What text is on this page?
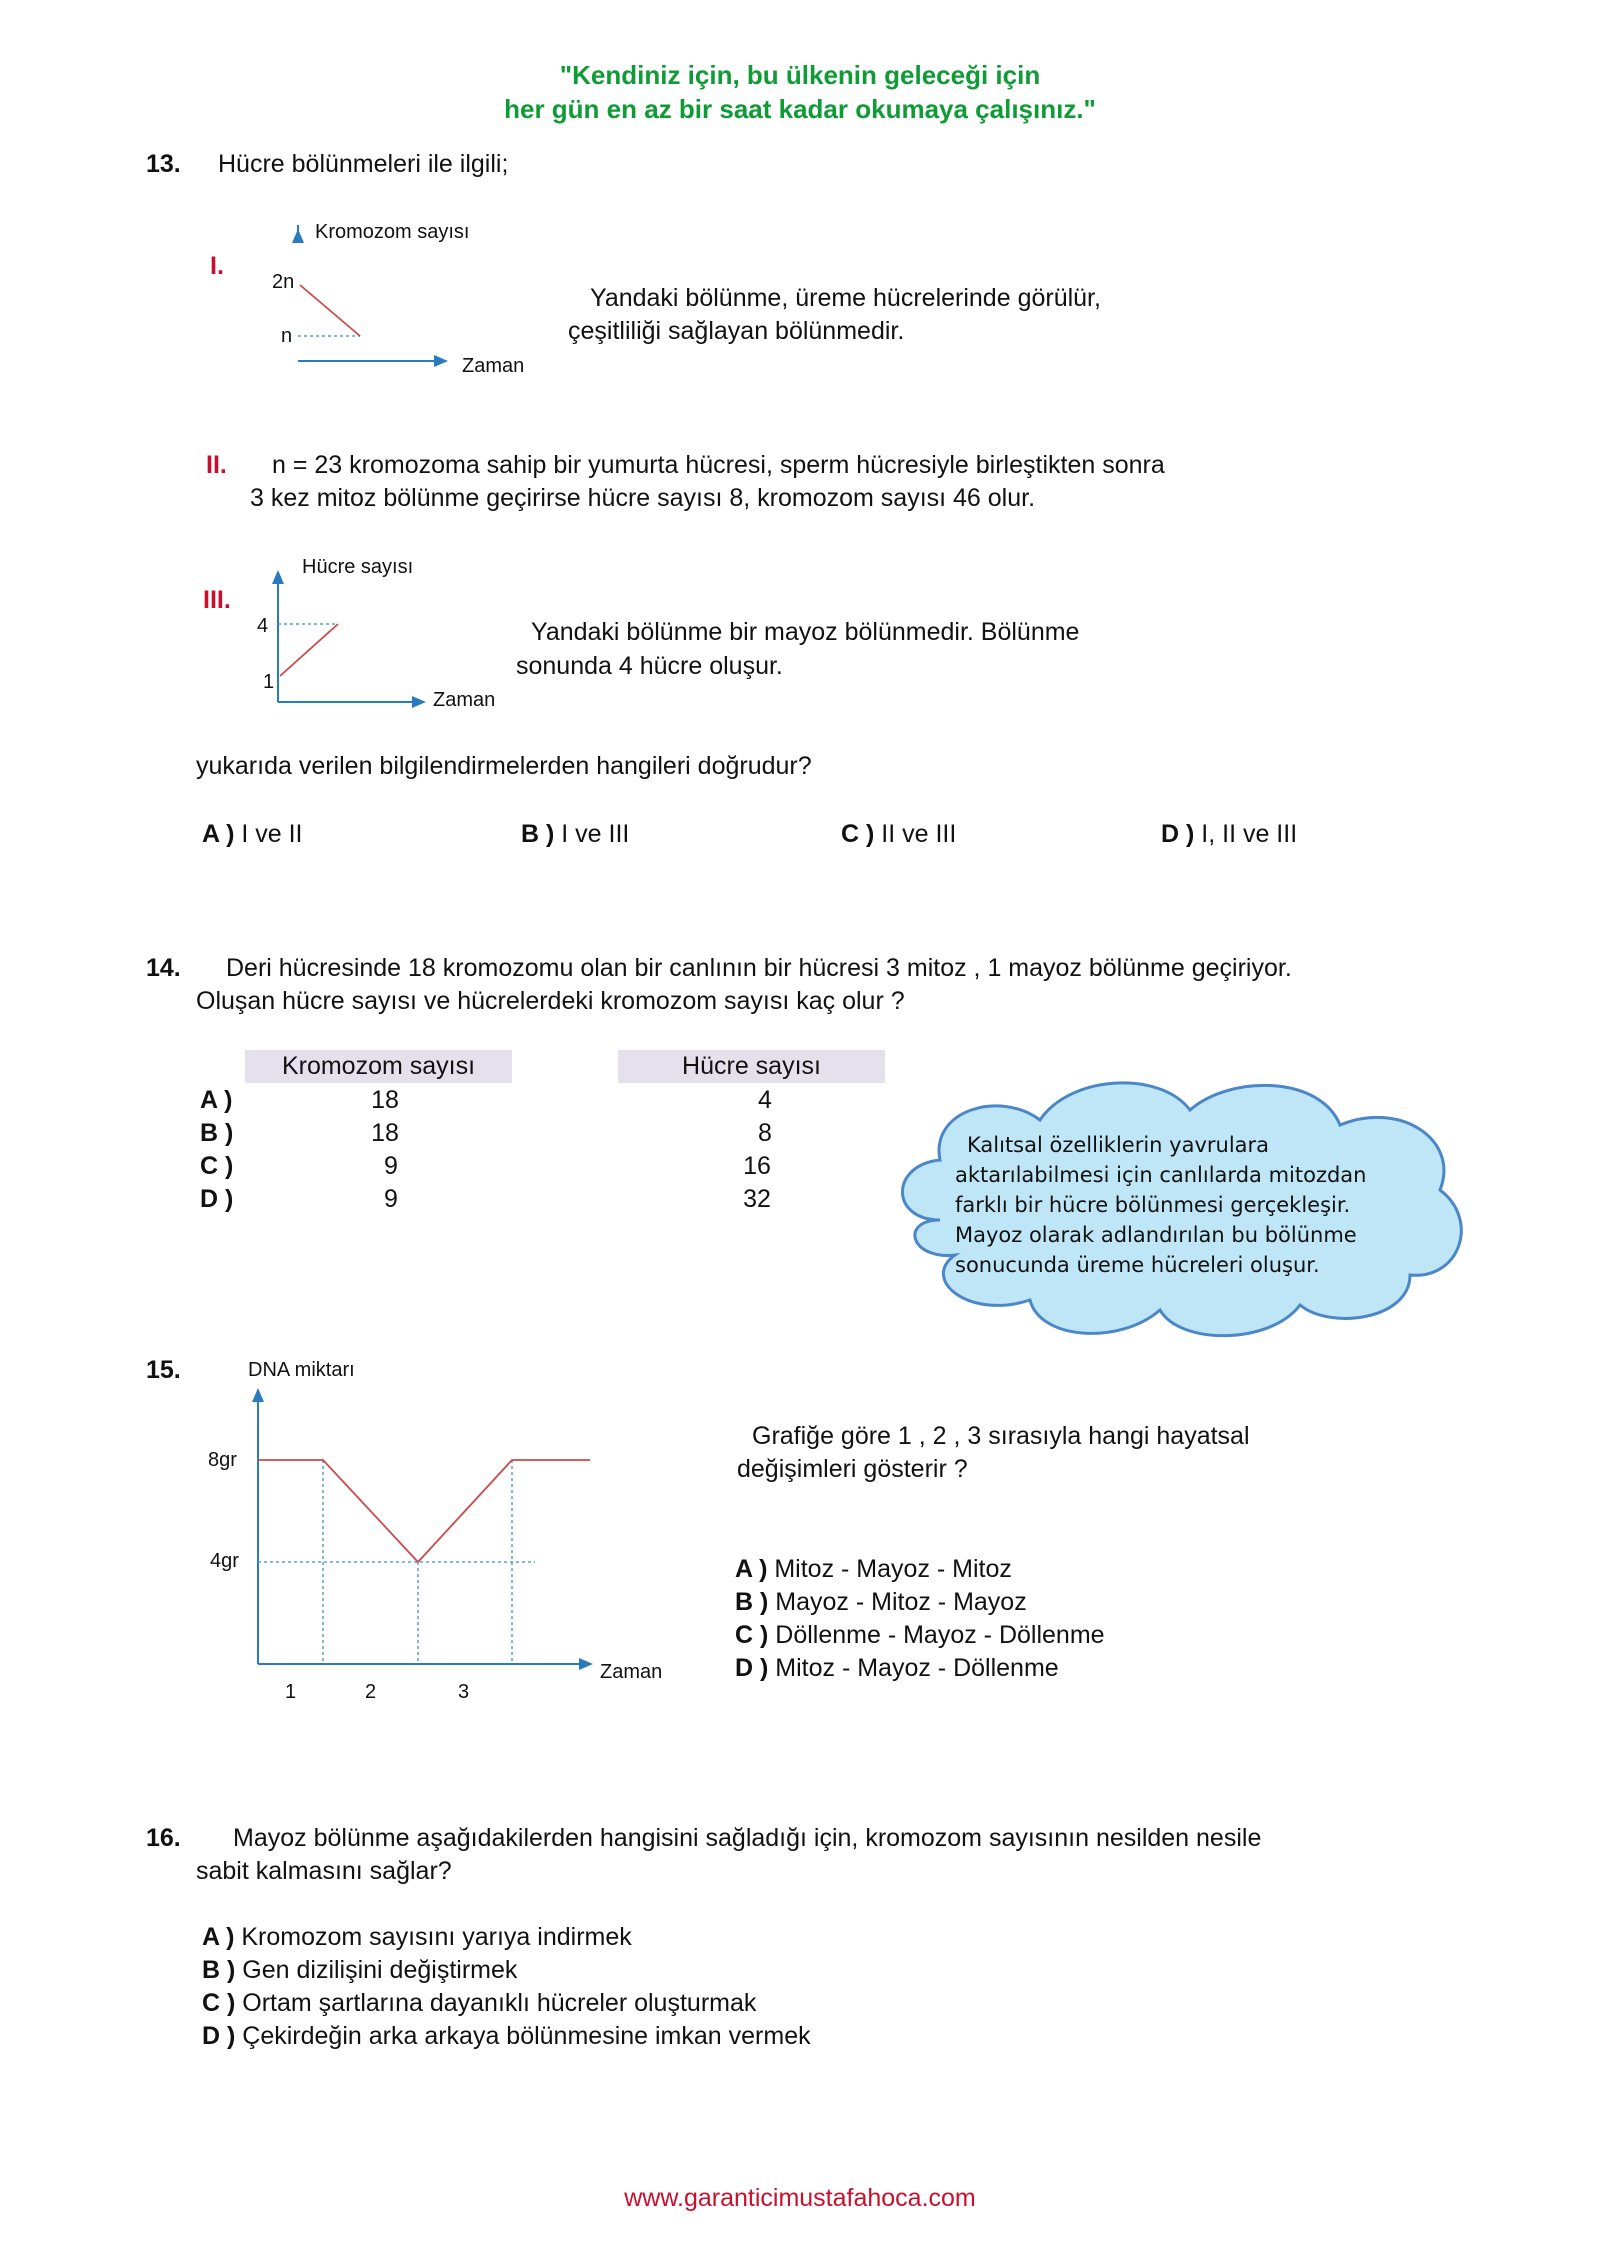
"Kendiniz için, bu ülkenin geleceği için
her gün en az bir saat kadar okumaya çalışınız."
13. Hücre bölünmeleri ile ilgili;
I.
Kromozom sayısı
2n
n
Zaman
Yandaki bölünme, üreme hücrelerinde görülür,
çeşitliliği sağlayan bölünmedir.
II. n = 23 kromozoma sahip bir yumurta hücresi, sperm hücresiyle birleştikten sonra
3 kez mitoz bölünme geçirirse hücre sayısı 8, kromozom sayısı 46 olur.
III.
Hücre sayısı
4
1
Zaman
Yandaki bölünme bir mayoz bölünmedir. Bölünme
sonunda 4 hücre oluşur.
yukarıda verilen bilgilendirmelerden hangileri doğrudur?
A ) I ve II	B ) I ve III	C ) II ve III	D ) I, II ve III
14. Deri hücresinde 18 kromozomu olan bir canlının bir hücresi 3 mitoz , 1 mayoz bölünme geçiriyor.
Oluşan hücre sayısı ve hücrelerdeki kromozom sayısı kaç olur ?
Kromozom sayısı	Hücre sayısı
A )	18	4
B )	18	8
C )	9	16
D )	9	32
Kalıtsal özelliklerin yavrulara
aktarılabilmesi için canlılarda mitozdan
farklı bir hücre bölünmesi gerçekleşir.
Mayoz olarak adlandırılan bu bölünme
sonucunda üreme hücreleri oluşur.
15.	DNA miktarı
8gr
4gr
Zaman
1	2	3
Grafiğe göre 1 , 2 , 3 sırasıyla hangi hayatsal
değişimleri gösterir ?
A ) Mitoz - Mayoz - Mitoz
B ) Mayoz - Mitoz - Mayoz
C ) Döllenme - Mayoz - Döllenme
D ) Mitoz - Mayoz - Döllenme
16. Mayoz bölünme aşağıdakilerden hangisini sağladığı için, kromozom sayısının nesilden nesile
sabit kalmasını sağlar?
A ) Kromozom sayısını yarıya indirmek
B ) Gen dizilişini değiştirmek
C ) Ortam şartlarına dayanıklı hücreler oluşturmak
D ) Çekirdeğin arka arkaya bölünmesine imkan vermek
www.garanticimustafahoca.com
